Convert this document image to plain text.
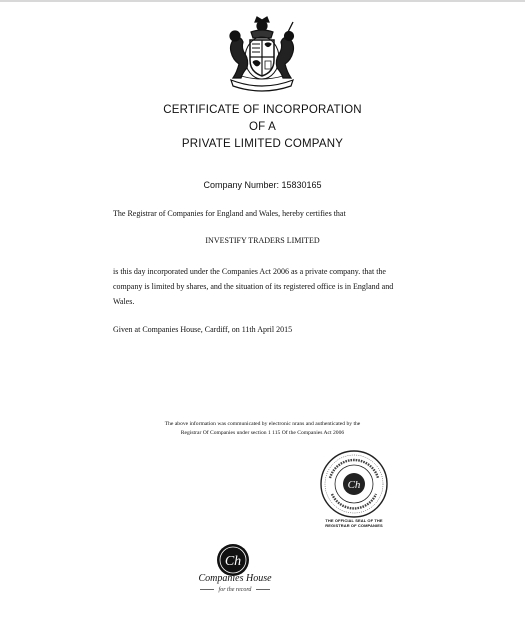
CERTIFICATE OF INCORPORATION
OF A
PRIVATE LIMITED COMPANY
Company Number: 15830165
The Registrar of Companies for England and Wales, hereby certifies that
INVESTIFY TRADERS LIMITED
is this day incorporated under the Companies Act 2006 as a private company. that the company is limited by shares, and the situation of its registered office is in England and Wales.
Given at Companies House, Cardiff, on 11th April 2015
The above information was communicated by electronic nrans and authenticated by the
Registrar Of Companies under section 1 115 Of the Companies Act 2006
Ch
THE OFFICIAL SEAL OF THE
REGISTRAR OF COMPANIES
Ch
Companies House
for the record
